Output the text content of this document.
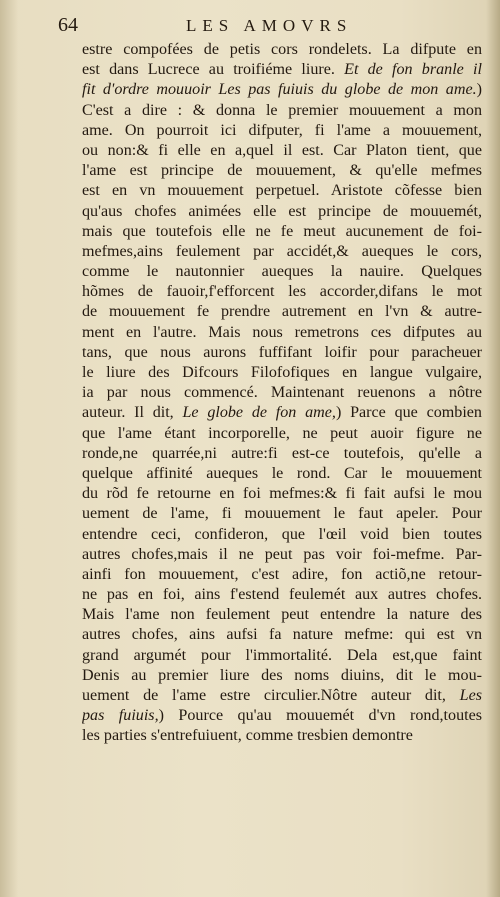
64	LES AMOVRS
estre compofées de petis cors rondelets. La difpute en
est dans Lucrece au troifiéme liure. Et de fon branle il
fit d'ordre mouuoir Les pas fuiuis du globe de mon ame.)
C'est a dire : & donna le premier mouuement a mon
ame. On pourroit ici difputer, fi l'ame a mouuement,
ou non:& fi elle en a,quel il est. Car Platon tient, que
l'ame est principe de mouuement, & qu'elle mefmes
est en vn mouuement perpetuel. Aristote cõfesse bien
qu'aus chofes animées elle est principe de mouuemét,
mais que toutefois elle ne fe meut aucunement de foi-
mefmes,ains feulement par accidét,& aueques le cors,
comme le nautonnier aueques la nauire. Quelques
hõmes de fauoir,f'efforcent les accorder,difans le mot
de mouuement fe prendre autrement en l'vn & autre-
ment en l'autre. Mais nous remetrons ces difputes au
tans, que nous aurons fuffifant loifir pour paracheuer
le liure des Difcours Filofofiques en langue vulgaire,
ia par nous commencé. Maintenant reuenons a nôtre
auteur. Il dit, Le globe de fon ame,) Parce que combien
que l'ame étant incorporelle, ne peut auoir figure ne
ronde,ne quarrée,ni autre:fi est-ce toutefois, qu'elle a
quelque affinité aueques le rond. Car le mouuement
du rõd fe retourne en foi mefmes:& fi fait aufsi le mou
uement de l'ame, fi mouuement le faut apeler. Pour
entendre ceci, confideron, que l'œil void bien toutes
autres chofes,mais il ne peut pas voir foi-mefme. Par-
ainfi fon mouuement, c'est adire, fon actiõ,ne retour-
ne pas en foi, ains f'estend feulemét aux autres chofes.
Mais l'ame non feulement peut entendre la nature des
autres chofes, ains aufsi fa nature mefme: qui est vn
grand argumét pour l'immortalité. Dela est,que faint
Denis au premier liure des noms diuins, dit le mou-
uement de l'ame estre circulier.Nôtre auteur dit, Les
pas fuiuis,) Pource qu'au mouuemét d'vn rond,toutes
les parties s'entrefuiuent, comme tresbien demontre
